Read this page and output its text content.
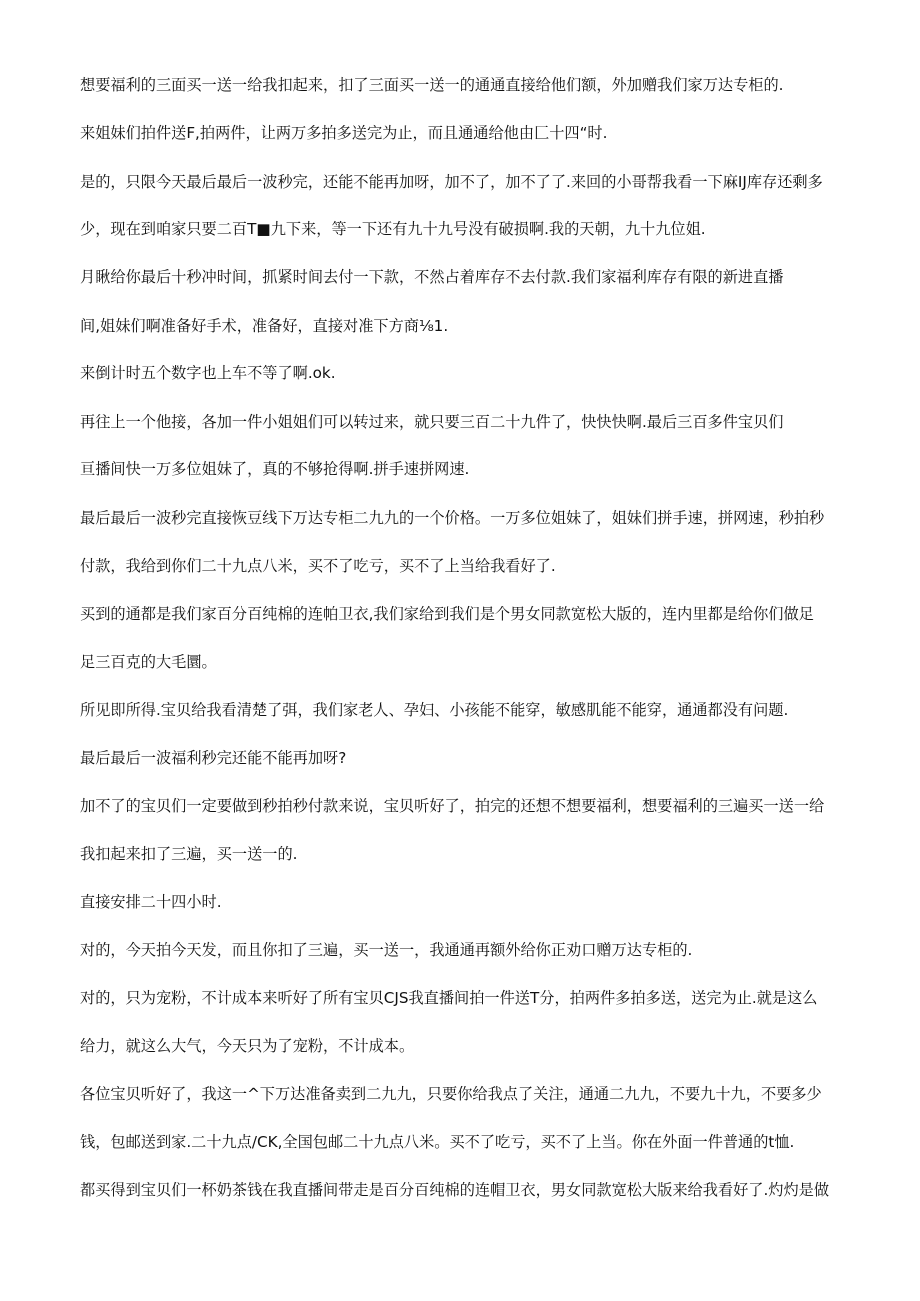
想要福利的三面买一送一给我扣起来，扣了三面买一送一的通通直接给他们额，外加赠我们家万达专柜的.
来姐妹们拍件送F,拍两件，让两万多拍多送完为止，而且通通给他由匚十四“时.
是的，只限今天最后最后一波秒完，还能不能再加呀，加不了，加不了了.来回的小哥帮我看一下麻IJ库存还剩多
少，现在到咱家只要二百T■九下来，等一下还有九十九号没有破损啊.我的天朝，九十九位姐.
月瞅给你最后十秒冲时间，抓紧时间去付一下款，不然占着库存不去付款.我们家福利库存有限的新进直播
间,姐妹们啊准备好手术，准备好，直接对准下方商⅛1.
来倒计时五个数字也上车不等了啊.ok.
再往上一个他接，各加一件小姐姐们可以转过来，就只要三百二十九件了，快快快啊.最后三百多件宝贝们
亘播间快一万多位姐妹了，真的不够抢得啊.拼手速拼网速.
最后最后一波秒完直接恢豆线下万达专柜二九九的一个价格。一万多位姐妹了，姐妹们拼手速，拼网速，秒拍秒
付款，我给到你们二十九点八米，买不了吃亏，买不了上当给我看好了.
买到的通都是我们家百分百纯棉的连帕卫衣,我们家给到我们是个男女同款宽松大版的，连内里都是给你们做足
足三百克的大毛圜。
所见即所得.宝贝给我看清楚了弭，我们家老人、孕妇、小孩能不能穿，敏感肌能不能穿，通通都没有问题.
最后最后一波福利秒完还能不能再加呀?
加不了的宝贝们一定要做到秒拍秒付款来说，宝贝听好了，拍完的还想不想要福利，想要福利的三遍买一送一给
我扣起来扣了三遍，买一送一的.
直接安排二十四小时.
对的，今天拍今天发，而且你扣了三遍，买一送一，我通通再额外给你正劝口赠万达专柜的.
对的，只为宠粉，不计成本来听好了所有宝贝CJS我直播间拍一件送T分，拍两件多拍多送，送完为止.就是这么
给力，就这么大气，今天只为了宠粉，不计成本。
各位宝贝听好了，我这一^下万达准备卖到二九九，只要你给我点了关注，通通二九九，不要九十九，不要多少
钱，包邮送到家.二十九点/CK,全国包邮二十九点八米。买不了吃亏，买不了上当。你在外面一件普通的t恤.
都买得到宝贝们一杯奶茶钱在我直播间带走是百分百纯棉的连帽卫衣，男女同款宽松大版来给我看好了.灼灼是做
